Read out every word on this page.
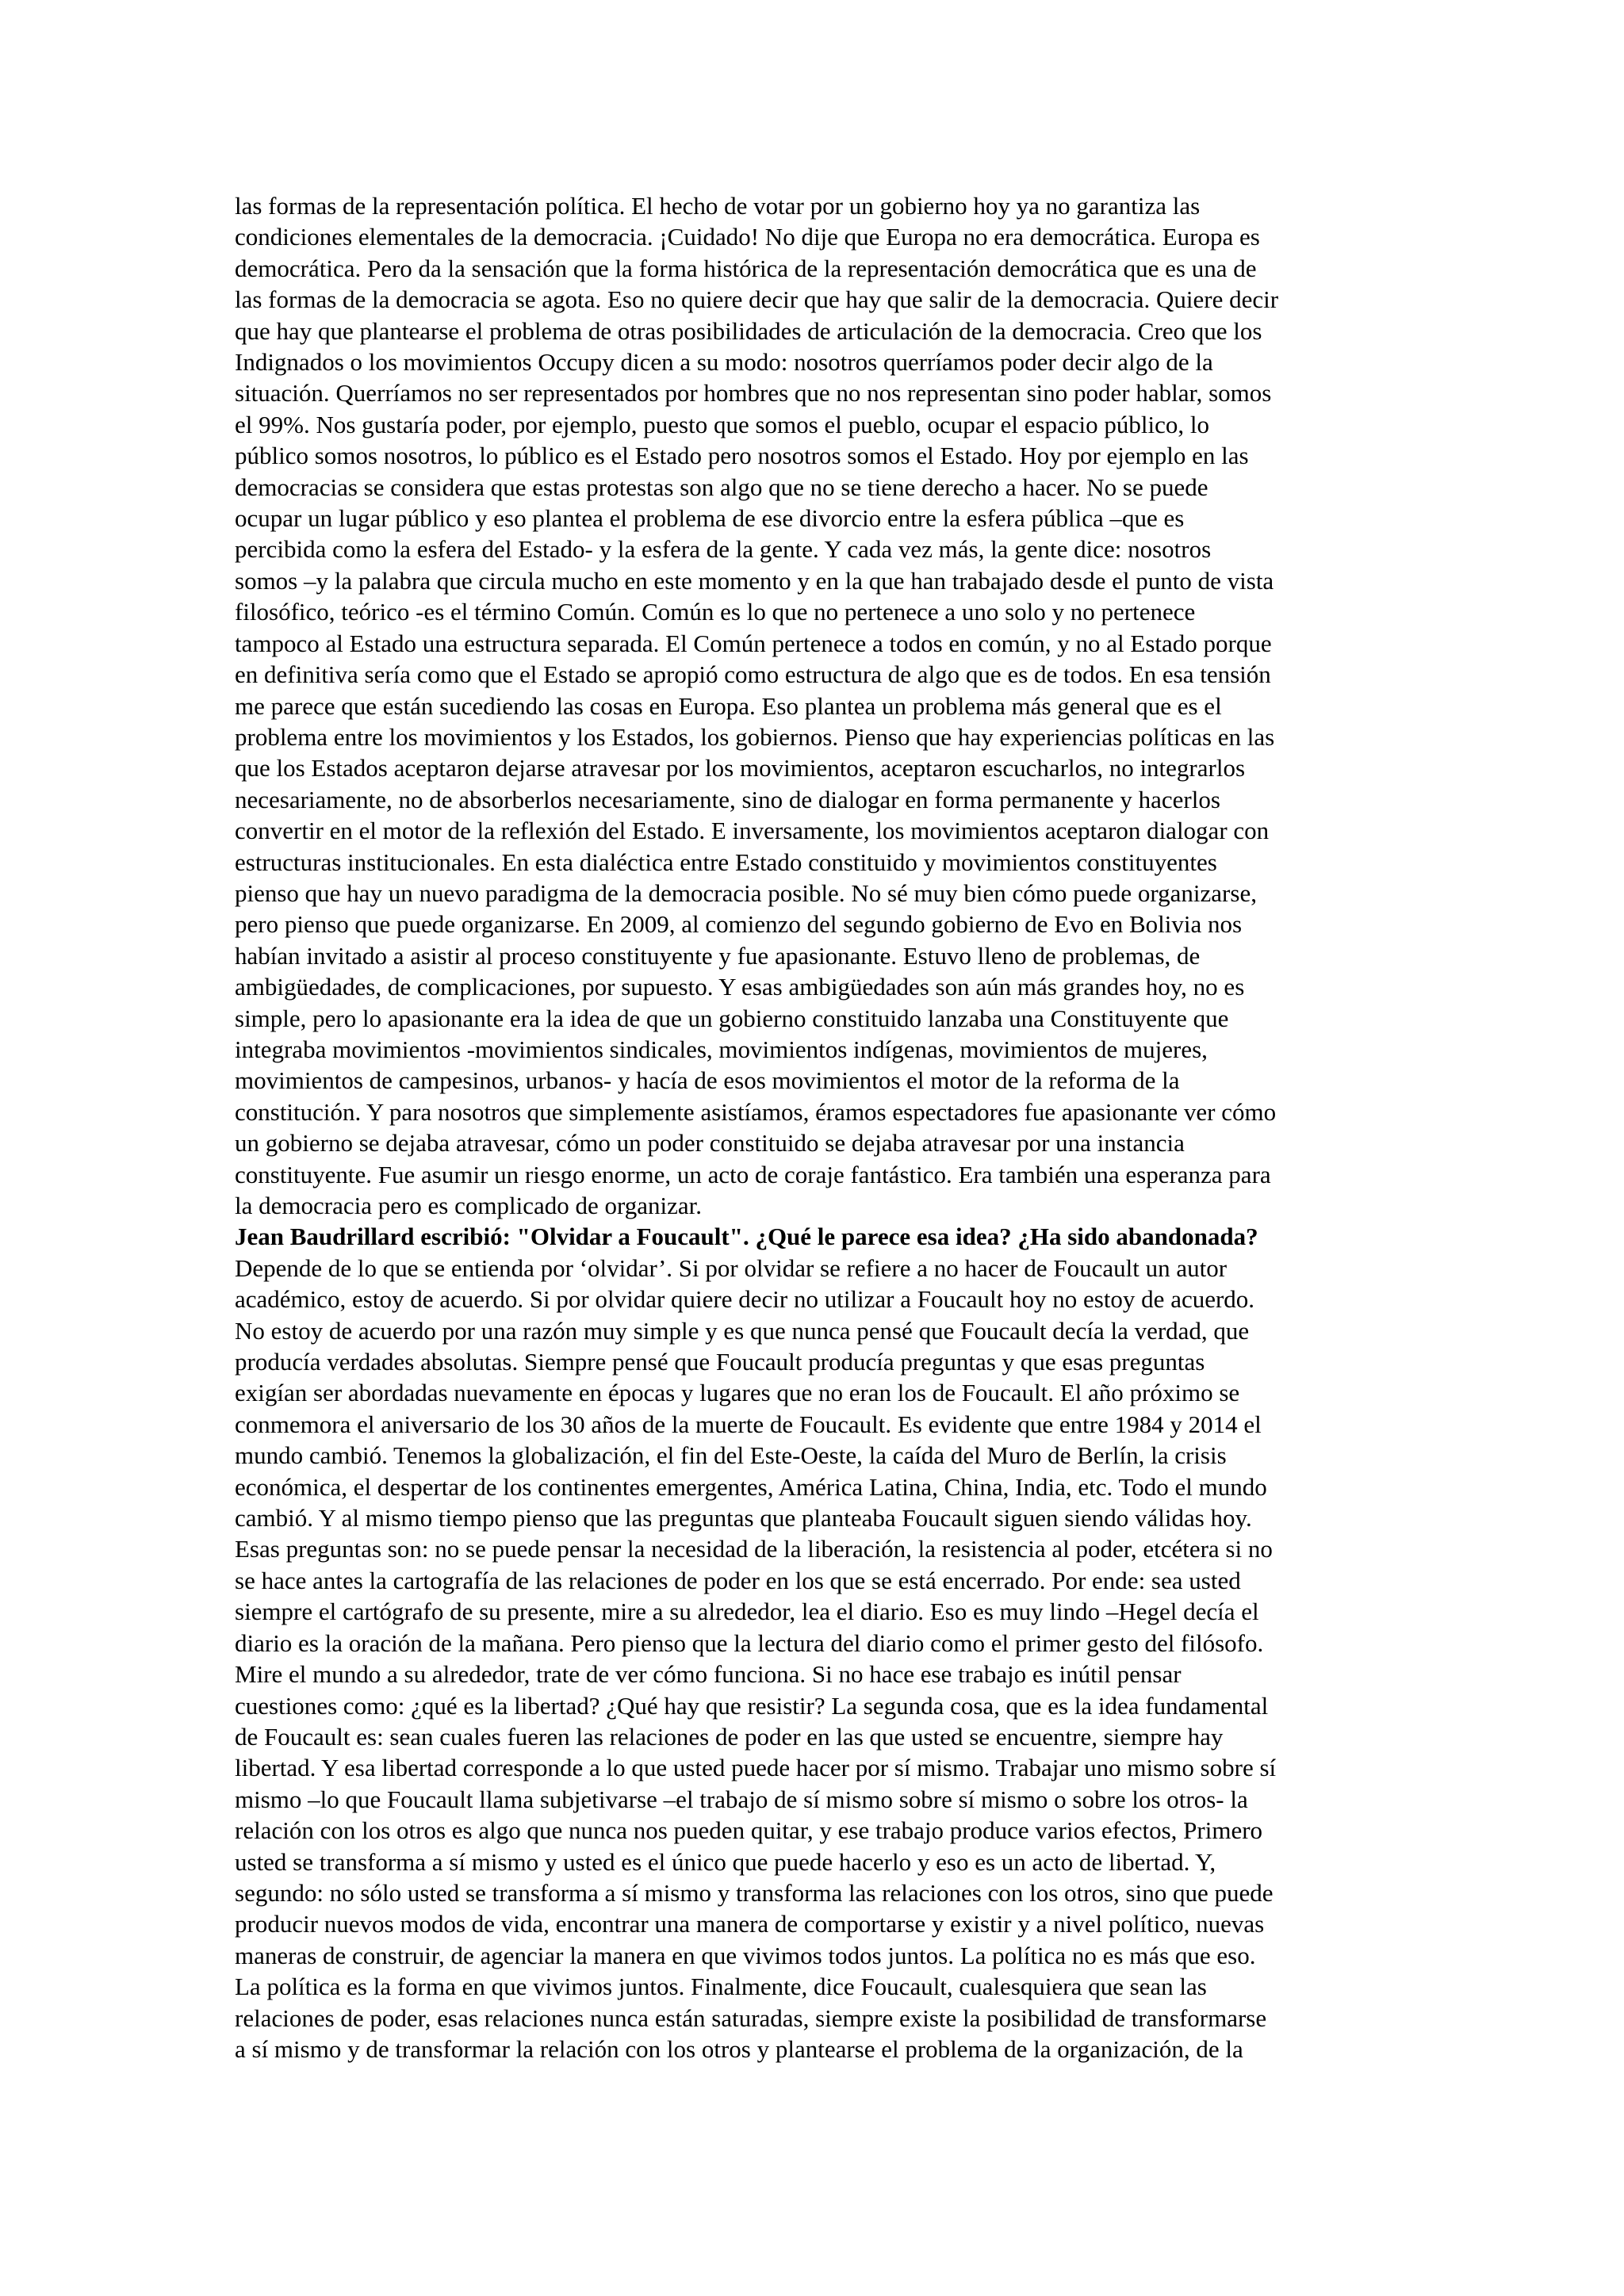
las formas de la representación política. El hecho de votar por un gobierno hoy ya no garantiza las
condiciones elementales de la democracia. ¡Cuidado! No dije que Europa no era democrática. Europa es
democrática. Pero da la sensación que la forma histórica de la representación democrática que es una de
las formas de la democracia se agota. Eso no quiere decir que hay que salir de la democracia. Quiere decir
que hay que plantearse el problema de otras posibilidades de articulación de la democracia. Creo que los
Indignados o los movimientos Occupy dicen a su modo: nosotros querríamos poder decir algo de la
situación. Querríamos no ser representados por hombres que no nos representan sino poder hablar, somos
el 99%. Nos gustaría poder, por ejemplo, puesto que somos el pueblo, ocupar el espacio público, lo
público somos nosotros, lo público es el Estado pero nosotros somos el Estado. Hoy por ejemplo en las
democracias se considera que estas protestas son algo que no se tiene derecho a hacer. No se puede
ocupar un lugar público y eso plantea el problema de ese divorcio entre la esfera pública –que es
percibida como la esfera del Estado- y la esfera de la gente. Y cada vez más, la gente dice: nosotros
somos –y la palabra que circula mucho en este momento y en la que han trabajado desde el punto de vista
filosófico, teórico -es el término Común. Común es lo que no pertenece a uno solo y no pertenece
tampoco al Estado una estructura separada. El Común pertenece a todos en común, y no al Estado porque
en definitiva sería como que el Estado se apropió como estructura de algo que es de todos. En esa tensión
me parece que están sucediendo las cosas en Europa. Eso plantea un problema más general que es el
problema entre los movimientos y los Estados, los gobiernos. Pienso que hay experiencias políticas en las
que los Estados aceptaron dejarse atravesar por los movimientos, aceptaron escucharlos, no integrarlos
necesariamente, no de absorberlos necesariamente, sino de dialogar en forma permanente y hacerlos
convertir en el motor de la reflexión del Estado. E inversamente, los movimientos aceptaron dialogar con
estructuras institucionales. En esta dialéctica entre Estado constituido y movimientos constituyentes
pienso que hay un nuevo paradigma de la democracia posible. No sé muy bien cómo puede organizarse,
pero pienso que puede organizarse. En 2009, al comienzo del segundo gobierno de Evo en Bolivia nos
habían invitado a asistir al proceso constituyente y fue apasionante. Estuvo lleno de problemas, de
ambigüedades, de complicaciones, por supuesto. Y esas ambigüedades son aún más grandes hoy, no es
simple, pero lo apasionante era la idea de que un gobierno constituido lanzaba una Constituyente que
integraba movimientos -movimientos sindicales, movimientos indígenas, movimientos de mujeres,
movimientos de campesinos, urbanos- y hacía de esos movimientos el motor de la reforma de la
constitución. Y para nosotros que simplemente asistíamos, éramos espectadores fue apasionante ver cómo
un gobierno se dejaba atravesar, cómo un poder constituido se dejaba atravesar por una instancia
constituyente. Fue asumir un riesgo enorme, un acto de coraje fantástico. Era también una esperanza para
la democracia pero es complicado de organizar.

Jean Baudrillard escribió: "Olvidar a Foucault". ¿Qué le parece esa idea? ¿Ha sido abandonada?

Depende de lo que se entienda por ‘olvidar’. Si por olvidar se refiere a no hacer de Foucault un autor
académico, estoy de acuerdo. Si por olvidar quiere decir no utilizar a Foucault hoy no estoy de acuerdo.
No estoy de acuerdo por una razón muy simple y es que nunca pensé que Foucault decía la verdad, que
producía verdades absolutas. Siempre pensé que Foucault producía preguntas y que esas preguntas
exigían ser abordadas nuevamente en épocas y lugares que no eran los de Foucault. El año próximo se
conmemora el aniversario de los 30 años de la muerte de Foucault. Es evidente que entre 1984 y 2014 el
mundo cambió. Tenemos la globalización, el fin del Este-Oeste, la caída del Muro de Berlín, la crisis
económica, el despertar de los continentes emergentes, América Latina, China, India, etc. Todo el mundo
cambió. Y al mismo tiempo pienso que las preguntas que planteaba Foucault siguen siendo válidas hoy.
Esas preguntas son: no se puede pensar la necesidad de la liberación, la resistencia al poder, etcétera si no
se hace antes la cartografía de las relaciones de poder en los que se está encerrado. Por ende: sea usted
siempre el cartógrafo de su presente, mire a su alrededor, lea el diario. Eso es muy lindo –Hegel decía el
diario es la oración de la mañana. Pero pienso que la lectura del diario como el primer gesto del filósofo.
Mire el mundo a su alrededor, trate de ver cómo funciona. Si no hace ese trabajo es inútil pensar
cuestiones como: ¿qué es la libertad? ¿Qué hay que resistir? La segunda cosa, que es la idea fundamental
de Foucault es: sean cuales fueren las relaciones de poder en las que usted se encuentre, siempre hay
libertad. Y esa libertad corresponde a lo que usted puede hacer por sí mismo. Trabajar uno mismo sobre sí
mismo –lo que Foucault llama subjetivarse –el trabajo de sí mismo sobre sí mismo o sobre los otros- la
relación con los otros es algo que nunca nos pueden quitar, y ese trabajo produce varios efectos, Primero
usted se transforma a sí mismo y usted es el único que puede hacerlo y eso es un acto de libertad. Y,
segundo: no sólo usted se transforma a sí mismo y transforma las relaciones con los otros, sino que puede
producir nuevos modos de vida, encontrar una manera de comportarse y existir y a nivel político, nuevas
maneras de construir, de agenciar la manera en que vivimos todos juntos. La política no es más que eso.
La política es la forma en que vivimos juntos. Finalmente, dice Foucault, cualesquiera que sean las
relaciones de poder, esas relaciones nunca están saturadas, siempre existe la posibilidad de transformarse
a sí mismo y de transformar la relación con los otros y plantearse el problema de la organización, de la
